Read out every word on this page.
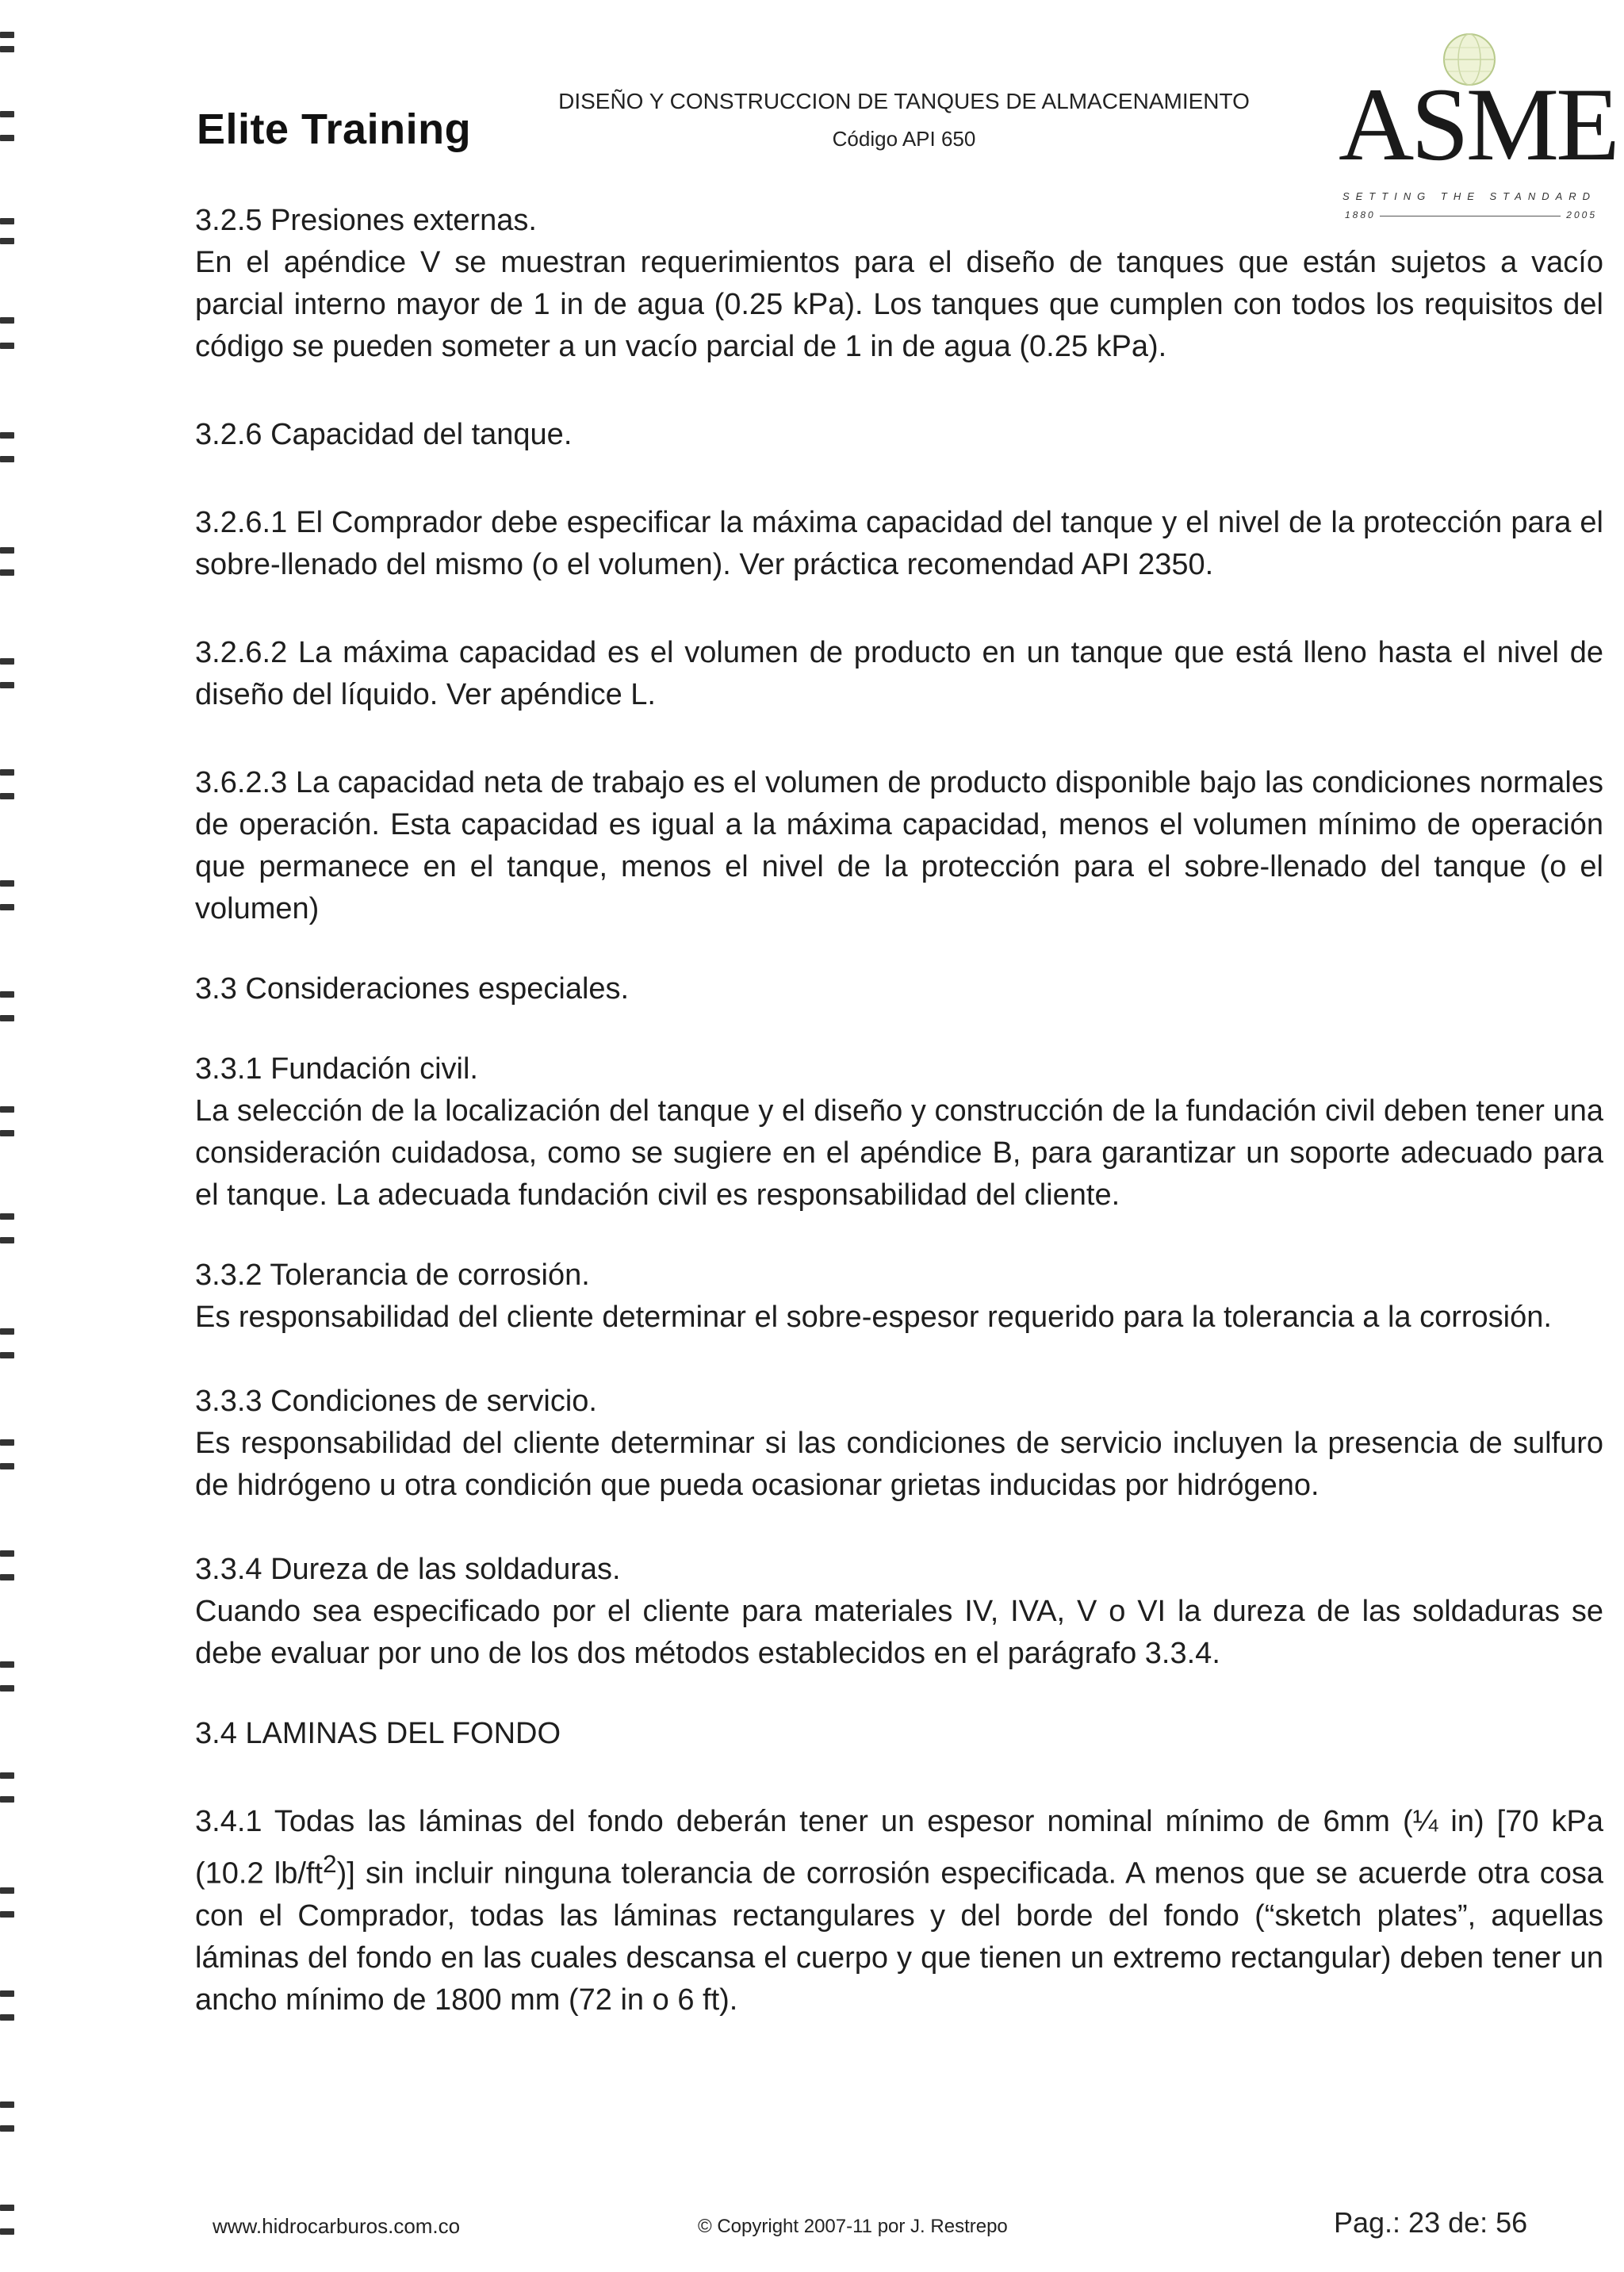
Elite Training
DISEÑO Y CONSTRUCCION DE TANQUES DE ALMACENAMIENTO
Código API 650	ASME
SETTING THE STANDARD
1880	2005

3.2.5 Presiones externas.

En el apéndice V se muestran requerimientos para el diseño de tanques que están sujetos a vacío parcial interno mayor de 1 in de agua (0.25 kPa). Los tanques que cumplen con todos los requisitos del código se pueden someter a un vacío parcial de 1 in de agua (0.25 kPa).

3.2.6 Capacidad del tanque.

3.2.6.1 El Comprador debe especificar la máxima capacidad del tanque y el nivel de la protección para el sobre-llenado del mismo (o el volumen). Ver práctica recomendad API 2350.

3.2.6.2 La máxima capacidad es el volumen de producto en un tanque que está lleno hasta el nivel de diseño del líquido. Ver apéndice L.

3.6.2.3 La capacidad neta de trabajo es el volumen de producto disponible bajo las condiciones normales de operación. Esta capacidad es igual a la máxima capacidad, menos el volumen mínimo de operación que permanece en el tanque, menos el nivel de la protección para el sobre-llenado del tanque (o el volumen)

3.3 Consideraciones especiales.

3.3.1 Fundación civil.

La selección de la localización del tanque y el diseño y construcción de la fundación civil deben tener una consideración cuidadosa, como se sugiere en el apéndice B, para garantizar un soporte adecuado para el tanque. La adecuada fundación civil es responsabilidad del cliente.

3.3.2 Tolerancia de corrosión.

Es responsabilidad del cliente determinar el sobre-espesor requerido para la tolerancia a la corrosión.

3.3.3 Condiciones de servicio.

Es responsabilidad del cliente determinar si las condiciones de servicio incluyen la presencia de sulfuro de hidrógeno u otra condición que pueda ocasionar grietas inducidas por hidrógeno.

3.3.4 Dureza de las soldaduras.

Cuando sea especificado por el cliente para materiales IV, IVA, V o VI la dureza de las soldaduras se debe evaluar por uno de los dos métodos establecidos en el parágrafo 3.3.4.

3.4 LAMINAS DEL FONDO

3.4.1 Todas las láminas del fondo deberán tener un espesor nominal mínimo de 6mm (¼ in) [70 kPa (10.2 $lb/ft^2$)] sin incluir ninguna tolerancia de corrosión especificada. A menos que se acuerde otra cosa con el Comprador, todas las láminas rectangulares y del borde del fondo (“sketch plates”, aquellas láminas del fondo en las cuales descansa el cuerpo y que tienen un extremo rectangular) deben tener un ancho mínimo de 1800 mm (72 in o 6 ft).

www.hidrocarburos.com.co	© Copyright 2007-11 por J. Restrepo	Pag.: 23 de: 56
